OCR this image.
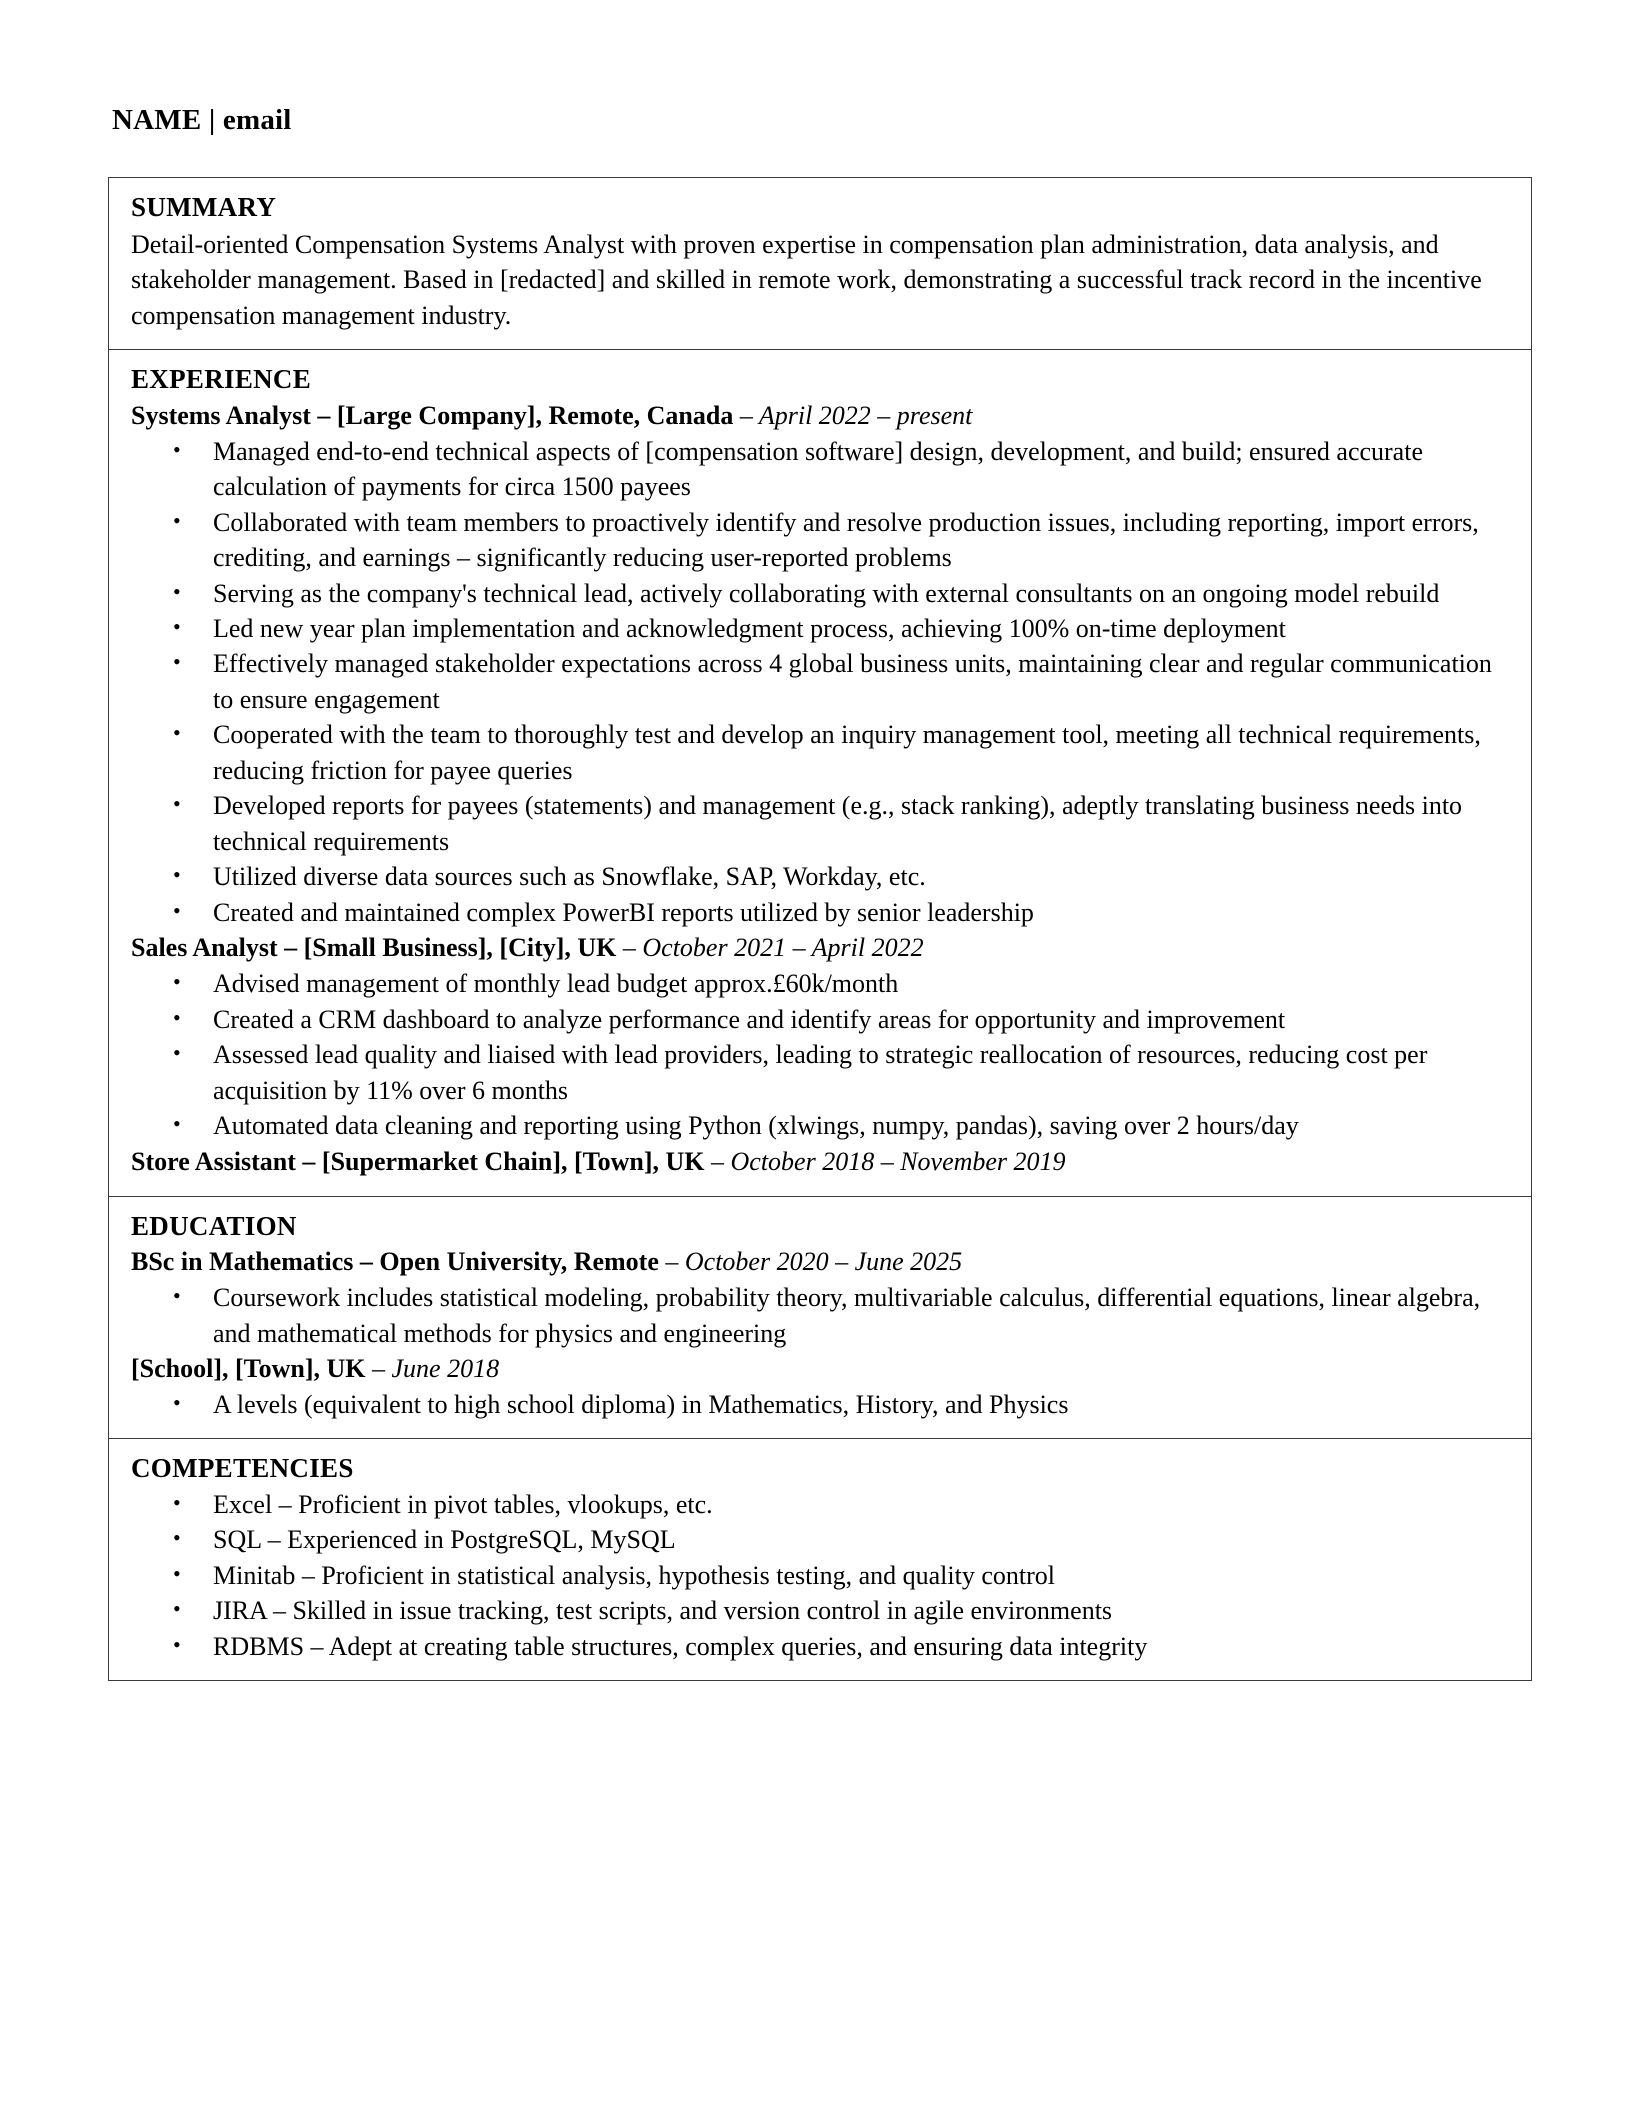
NAME | email
SUMMARY

Detail-oriented Compensation Systems Analyst with proven expertise in compensation plan administration, data analysis, and stakeholder management. Based in [redacted] and skilled in remote work, demonstrating a successful track record in the incentive compensation management industry.

EXPERIENCE
Systems Analyst – [Large Company], Remote, Canada – April 2022 – present
• Managed end-to-end technical aspects of [compensation software] design, development, and build; ensured accurate calculation of payments for circa 1500 payees
• Collaborated with team members to proactively identify and resolve production issues, including reporting, import errors, crediting, and earnings – significantly reducing user-reported problems
• Serving as the company's technical lead, actively collaborating with external consultants on an ongoing model rebuild
• Led new year plan implementation and acknowledgment process, achieving 100% on-time deployment
• Effectively managed stakeholder expectations across 4 global business units, maintaining clear and regular communication to ensure engagement
• Cooperated with the team to thoroughly test and develop an inquiry management tool, meeting all technical requirements, reducing friction for payee queries
• Developed reports for payees (statements) and management (e.g., stack ranking), adeptly translating business needs into technical requirements
• Utilized diverse data sources such as Snowflake, SAP, Workday, etc.
• Created and maintained complex PowerBI reports utilized by senior leadership
Sales Analyst – [Small Business], [City], UK – October 2021 – April 2022
• Advised management of monthly lead budget approx.£60k/month
• Created a CRM dashboard to analyze performance and identify areas for opportunity and improvement
• Assessed lead quality and liaised with lead providers, leading to strategic reallocation of resources, reducing cost per acquisition by 11% over 6 months
• Automated data cleaning and reporting using Python (xlwings, numpy, pandas), saving over 2 hours/day
Store Assistant – [Supermarket Chain], [Town], UK – October 2018 – November 2019
EDUCATION
BSc in Mathematics – Open University, Remote – October 2020 – June 2025
• Coursework includes statistical modeling, probability theory, multivariable calculus, differential equations, linear algebra, and mathematical methods for physics and engineering
[School], [Town], UK – June 2018
• A levels (equivalent to high school diploma) in Mathematics, History, and Physics
COMPETENCIES
• Excel – Proficient in pivot tables, vlookups, etc.
• SQL – Experienced in PostgreSQL, MySQL
• Minitab – Proficient in statistical analysis, hypothesis testing, and quality control
• JIRA – Skilled in issue tracking, test scripts, and version control in agile environments
• RDBMS – Adept at creating table structures, complex queries, and ensuring data integrity
